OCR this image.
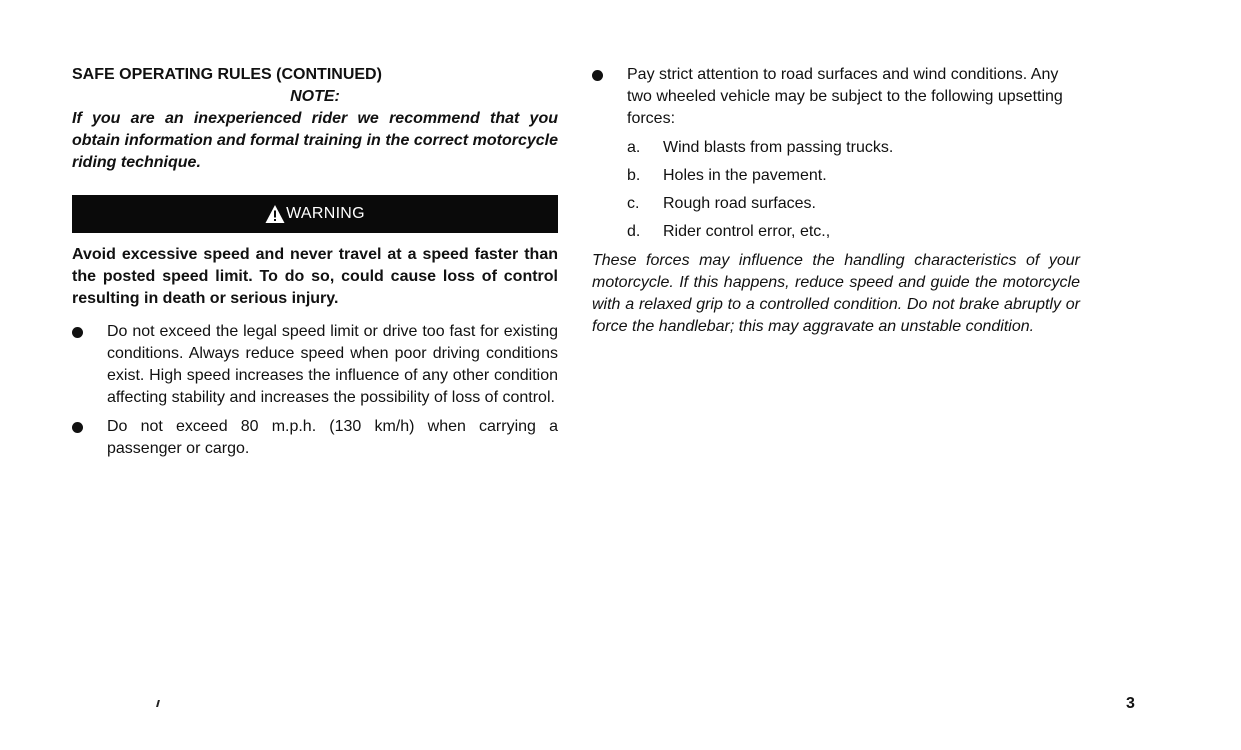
SAFE OPERATING RULES (CONTINUED)

NOTE:

If you are an inexperienced rider we recommend that you obtain information and formal training in the correct motorcycle riding technique.

WARNING
Avoid excessive speed and never travel at a speed faster than the posted speed limit. To do so, could cause loss of control resulting in death or serious injury.
Do not exceed the legal speed limit or drive too fast for existing conditions. Always reduce speed when poor driving conditions exist. High speed increases the influence of any other condition affecting stability and increases the possibility of loss of control.
Do not exceed 80 m.p.h. (130 km/h) when carrying a passenger or cargo.
Pay strict attention to road surfaces and wind conditions. Any two wheeled vehicle may be subject to the following upsetting forces:
a.	Wind blasts from passing trucks.
b.	Holes in the pavement.
c.	Rough road surfaces.
d.	Rider control error, etc.,

These forces may influence the handling characteristics of your motorcycle. If this happens, reduce speed and guide the motorcycle with a relaxed grip to a controlled condition. Do not brake abruptly or force the handlebar; this may aggravate an unstable condition.

3
